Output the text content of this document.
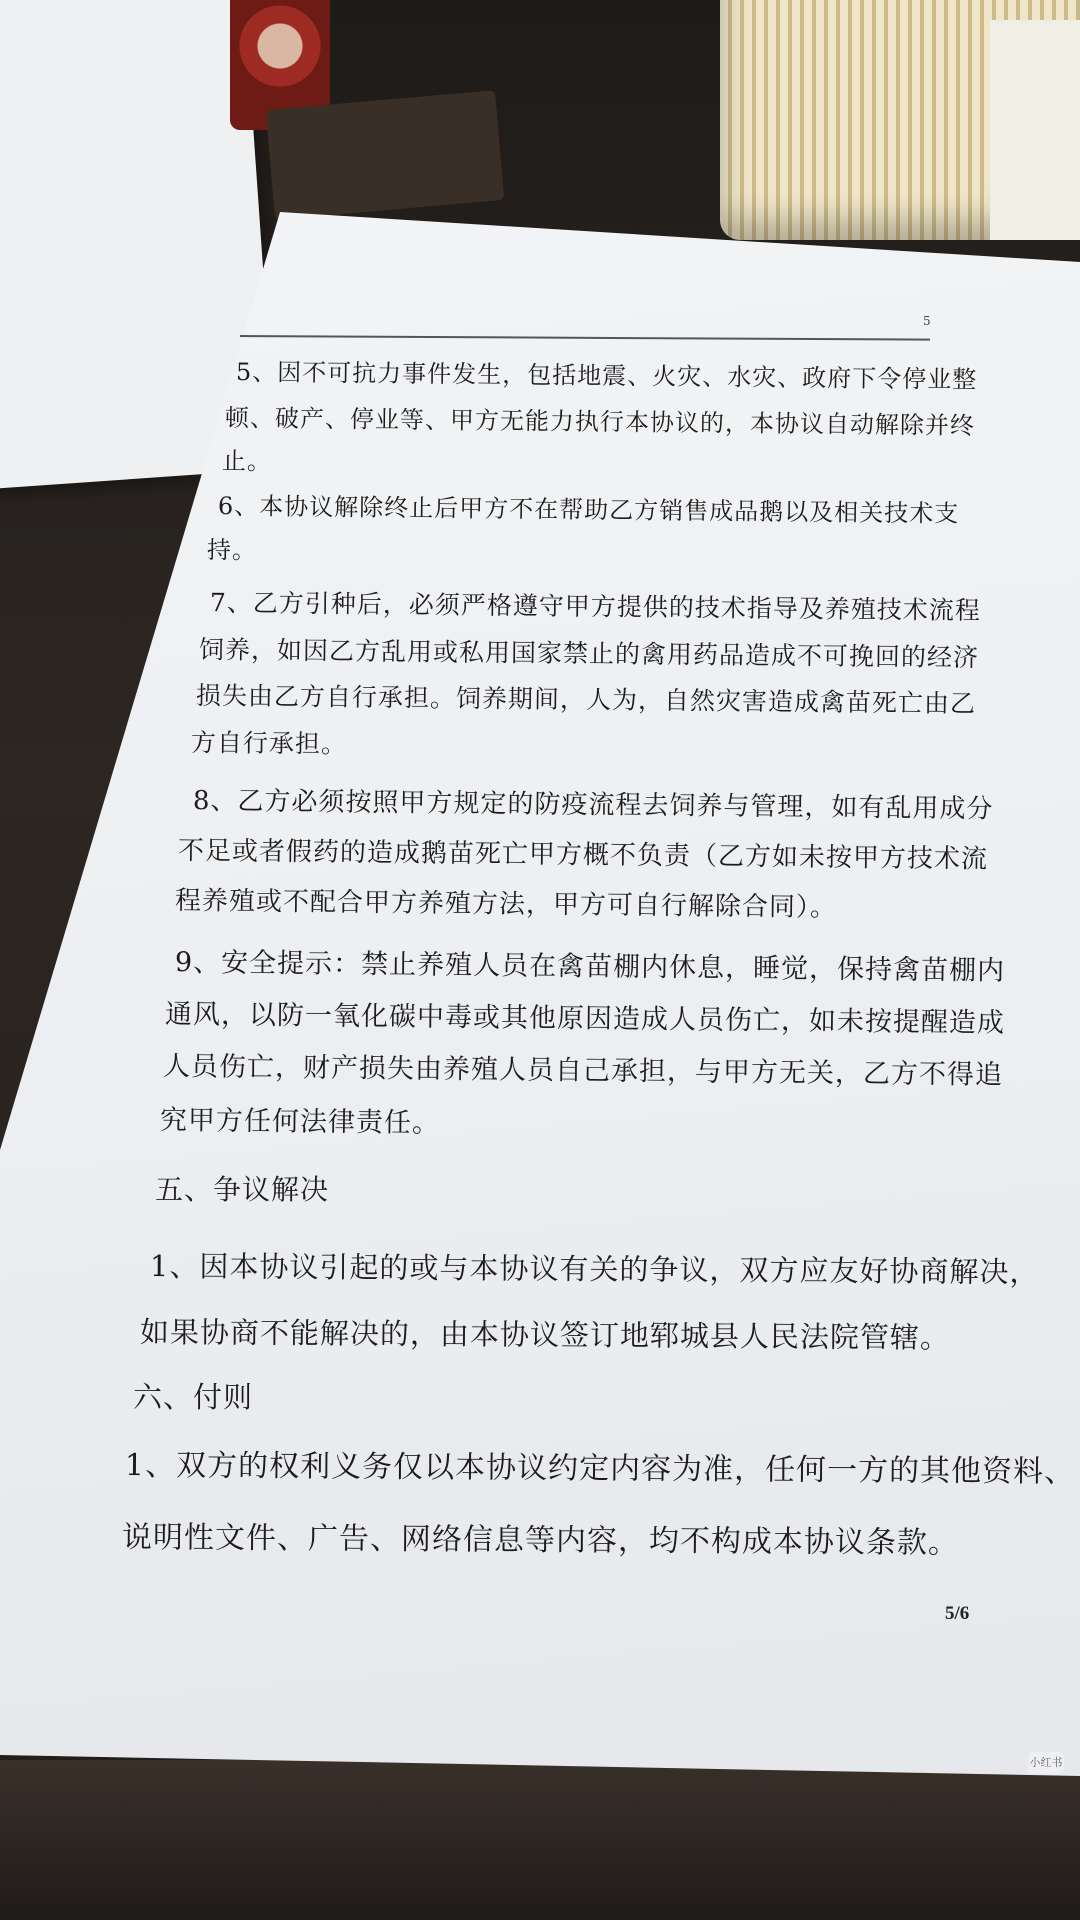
5
5、因不可抗力事件发生，包括地震、火灾、水灾、政府下令停业整
顿、破产、停业等、甲方无能力执行本协议的，本协议自动解除并终
止。
6、本协议解除终止后甲方不在帮助乙方销售成品鹅以及相关技术支
持。
7、乙方引种后，必须严格遵守甲方提供的技术指导及养殖技术流程
饲养，如因乙方乱用或私用国家禁止的禽用药品造成不可挽回的经济
损失由乙方自行承担。饲养期间，人为，自然灾害造成禽苗死亡由乙
方自行承担。
8、乙方必须按照甲方规定的防疫流程去饲养与管理，如有乱用成分
不足或者假药的造成鹅苗死亡甲方概不负责（乙方如未按甲方技术流
程养殖或不配合甲方养殖方法，甲方可自行解除合同）。
9、安全提示：禁止养殖人员在禽苗棚内休息，睡觉，保持禽苗棚内
通风，以防一氧化碳中毒或其他原因造成人员伤亡，如未按提醒造成
人员伤亡，财产损失由养殖人员自己承担，与甲方无关，乙方不得追
究甲方任何法律责任。
五、争议解决
1、因本协议引起的或与本协议有关的争议，双方应友好协商解决，
如果协商不能解决的，由本协议签订地郓城县人民法院管辖。
六、付则
1、双方的权利义务仅以本协议约定内容为准，任何一方的其他资料、
说明性文件、广告、网络信息等内容，均不构成本协议条款。
5/6
小红书
